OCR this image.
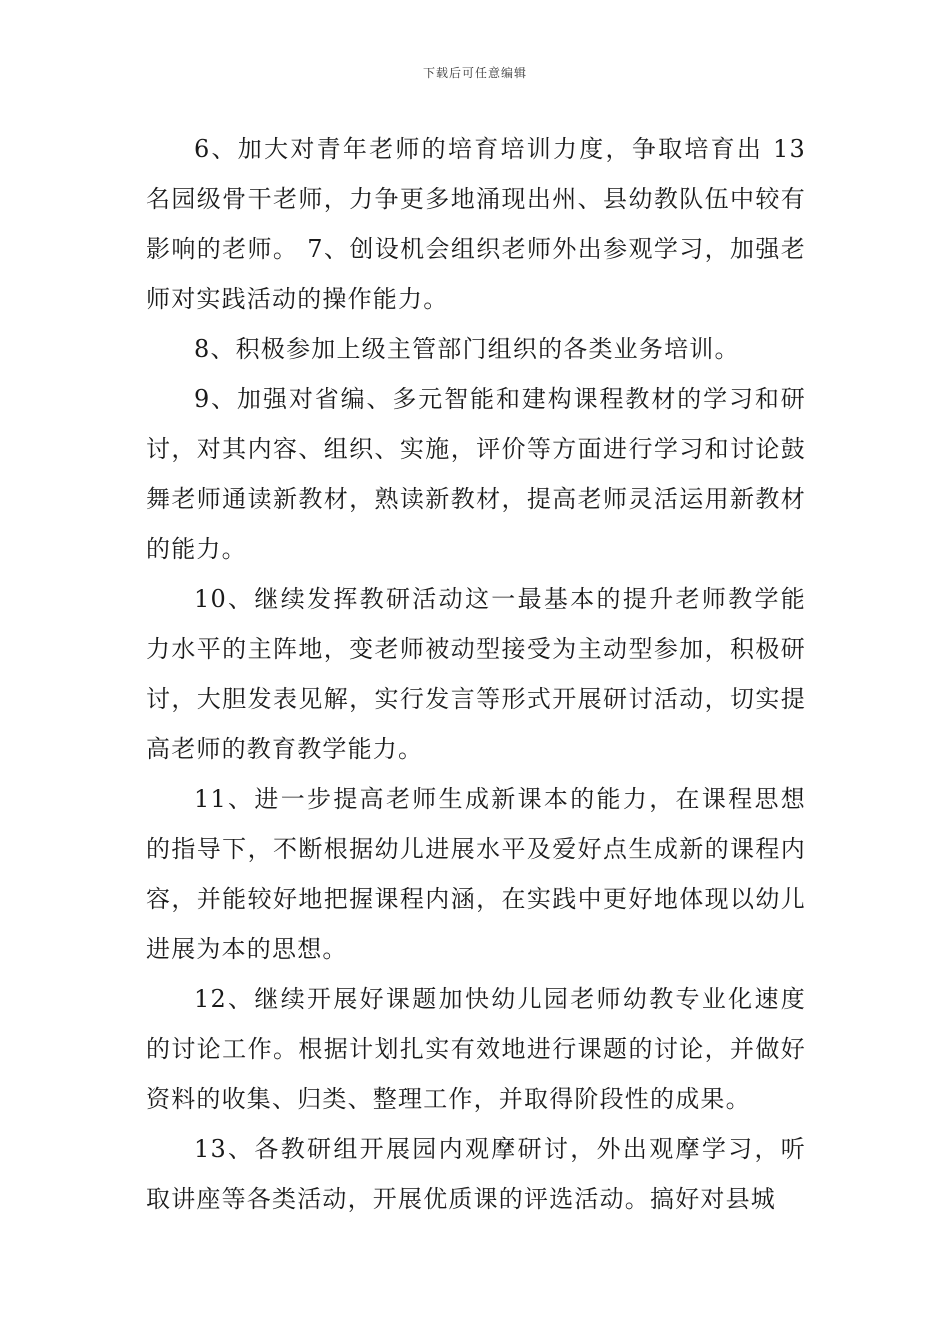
下载后可任意编辑

6、加大对青年老师的培育培训力度，争取培育出 13 名园级骨干老师，力争更多地涌现出州、县幼教队伍中较有影响的老师。 7、创设机会组织老师外出参观学习，加强老师对实践活动的操作能力。

8、积极参加上级主管部门组织的各类业务培训。

9、加强对省编、多元智能和建构课程教材的学习和研讨，对其内容、组织、实施，评价等方面进行学习和讨论鼓舞老师通读新教材，熟读新教材，提高老师灵活运用新教材的能力。

10、继续发挥教研活动这一最基本的提升老师教学能力水平的主阵地，变老师被动型接受为主动型参加，积极研讨，大胆发表见解，实行发言等形式开展研讨活动，切实提高老师的教育教学能力。

11、进一步提高老师生成新课本的能力，在课程思想的指导下，不断根据幼儿进展水平及爱好点生成新的课程内容，并能较好地把握课程内涵，在实践中更好地体现以幼儿进展为本的思想。

12、继续开展好课题加快幼儿园老师幼教专业化速度的讨论工作。根据计划扎实有效地进行课题的讨论，并做好资料的收集、归类、整理工作，并取得阶段性的成果。

13、各教研组开展园内观摩研讨，外出观摩学习，听取讲座等各类活动，开展优质课的评选活动。搞好对县城
